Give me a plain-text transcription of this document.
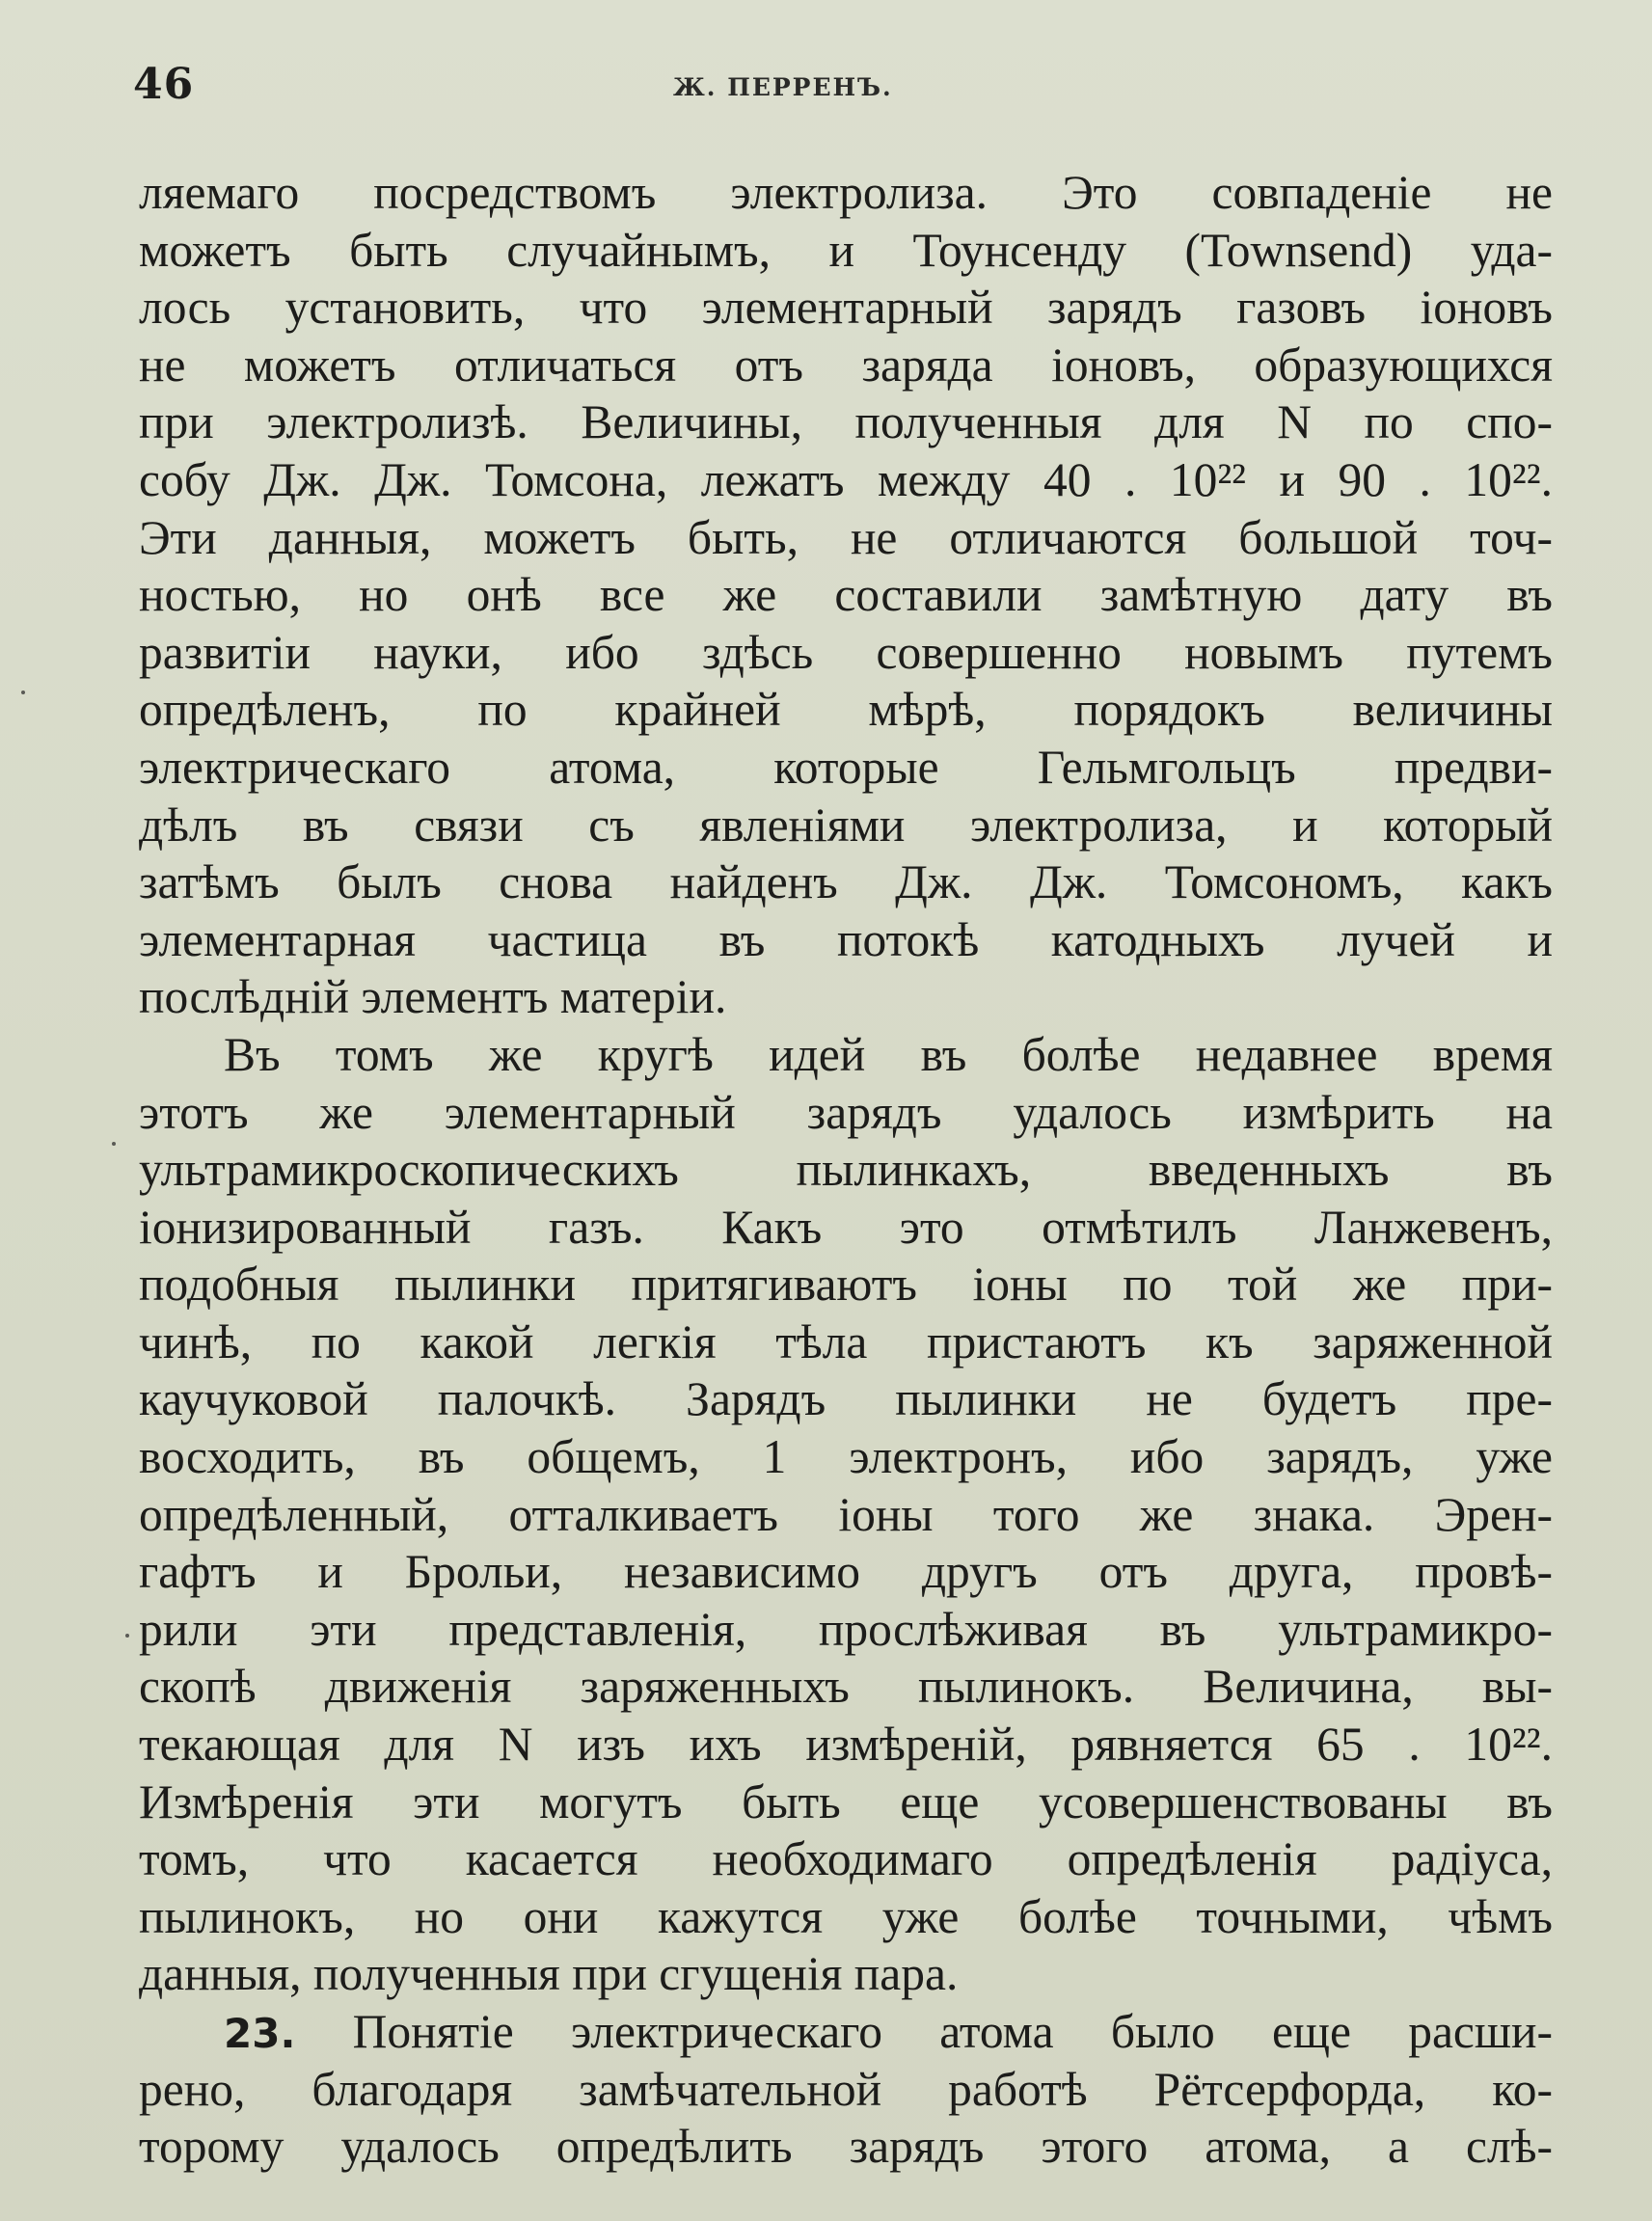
46	Ж. ПЕРРЕНЪ.
ляемаго посредствомъ электролиза. Это совпаденіе не
можетъ быть случайнымъ, и Тоунсенду (Townsend) уда-
лось установить, что элементарный зарядъ газовъ іоновъ
не можетъ отличаться отъ заряда іоновъ, образующихся
при электролизѣ. Величины, полученныя для N по спо-
собу Дж. Дж. Томсона, лежатъ между 40 . 10²² и 90 . 10²².
Эти данныя, можетъ быть, не отличаются большой точ-
ностью, но онѣ все же составили замѣтную дату въ
развитіи науки, ибо здѣсь совершенно новымъ путемъ
опредѣленъ, по крайней мѣрѣ, порядокъ величины
электрическаго атома, которые Гельмгольцъ предви-
дѣлъ въ связи съ явленіями электролиза, и который
затѣмъ былъ снова найденъ Дж. Дж. Томсономъ, какъ
элементарная частица въ потокѣ катодныхъ лучей и
послѣдній элементъ матеріи.
Въ томъ же кругѣ идей въ болѣе недавнее время
этотъ же элементарный зарядъ удалось измѣрить на
ультрамикроскопическихъ пылинкахъ, введенныхъ въ
іонизированный газъ. Какъ это отмѣтилъ Ланжевенъ,
подобныя пылинки притягиваютъ іоны по той же при-
чинѣ, по какой легкія тѣла пристаютъ къ заряженной
каучуковой палочкѣ. Зарядъ пылинки не будетъ пре-
восходить, въ общемъ, 1 электронъ, ибо зарядъ, уже
опредѣленный, отталкиваетъ іоны того же знака. Эрен-
гафтъ и Брольи, независимо другъ отъ друга, провѣ-
рили эти представленія, прослѣживая въ ультрамикро-
скопѣ движенія заряженныхъ пылинокъ. Величина, вы-
текающая для N изъ ихъ измѣреній, рявняется 65 . 10²².
Измѣренія эти могутъ быть еще усовершенствованы въ
томъ, что касается необходимаго опредѣленія радіуса,
пылинокъ, но они кажутся уже болѣе точными, чѣмъ
данныя, полученныя при сгущенія пара.
23. Понятіе электрическаго атома было еще расши-
рено, благодаря замѣчательной работѣ Рётсерфорда, ко-
торому удалось опредѣлить зарядъ этого атома, а слѣ-
